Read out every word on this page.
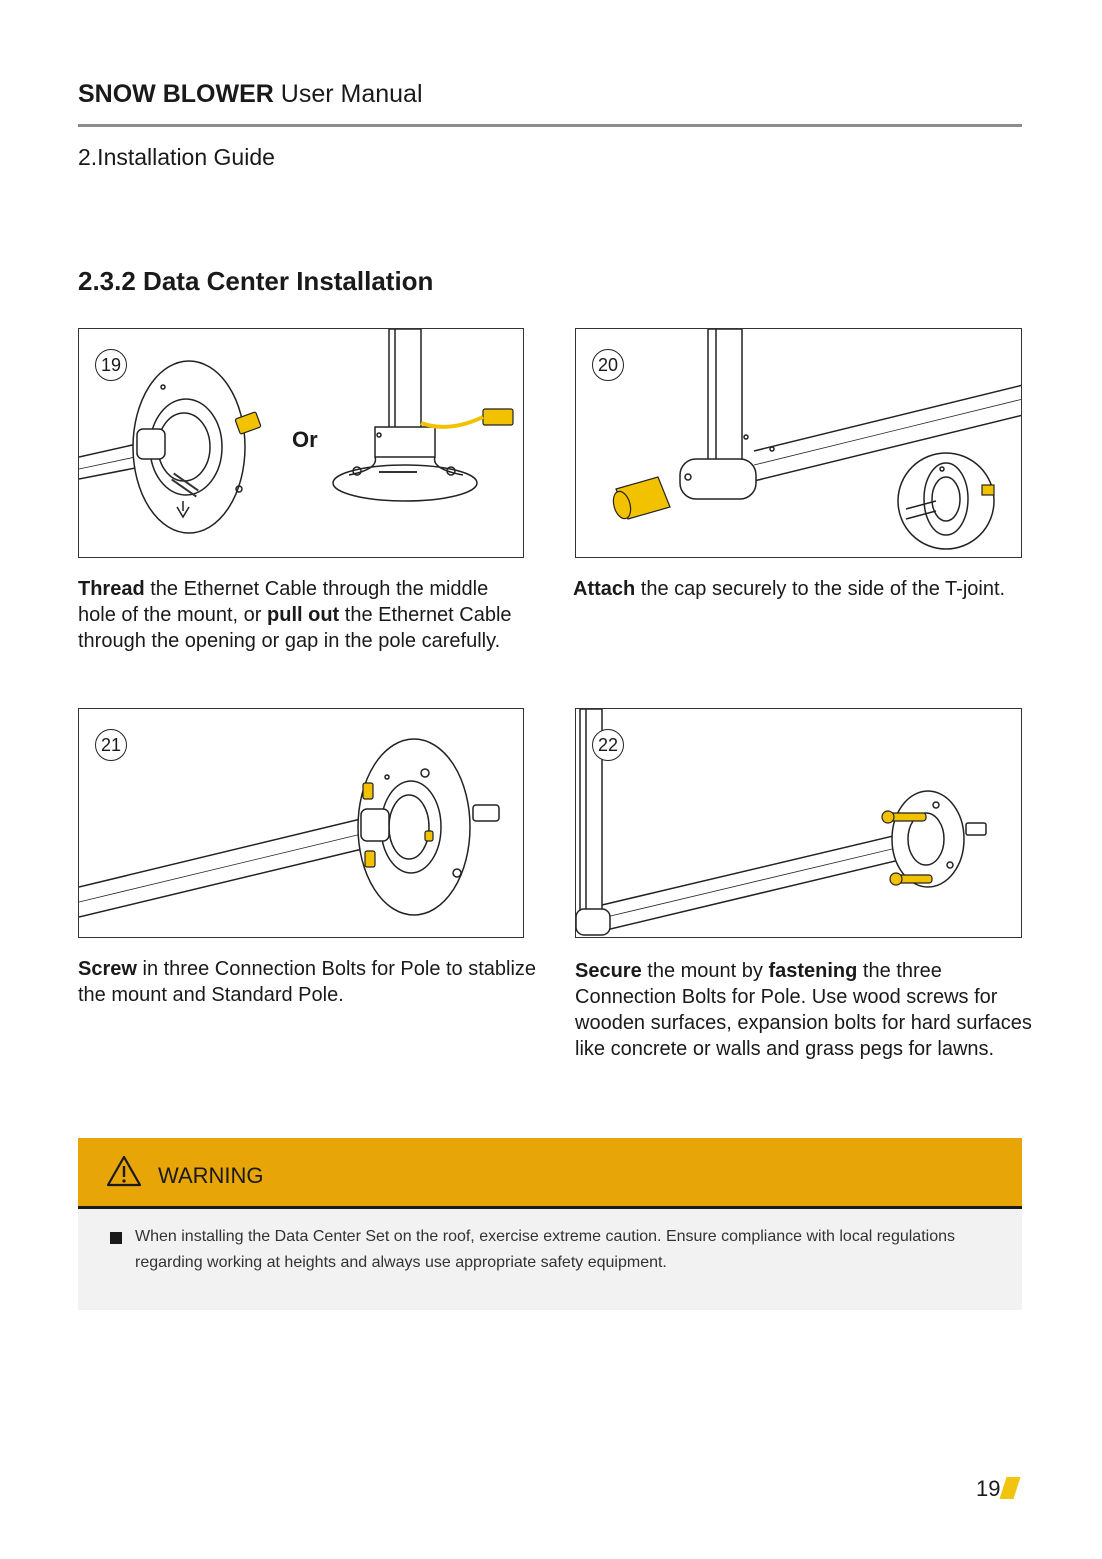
SNOW BLOWER User Manual
2.Installation Guide
2.3.2 Data Center Installation
19
Or
20
21	22
Thread the Ethernet Cable through the middle hole of the mount, or pull out the Ethernet Cable through the opening or gap in the pole carefully.
Attach the cap securely to the side of the T-joint.
Screw in three Connection Bolts for Pole to stablize the mount and Standard Pole.
Secure the mount by fastening the three Connection Bolts for Pole. Use wood screws for wooden surfaces, expansion bolts for hard surfaces like concrete or walls and grass pegs for lawns.
WARNING
When installing the Data Center Set on the roof, exercise extreme caution. Ensure compliance with local regulations regarding working at heights and always use appropriate safety equipment.
19
